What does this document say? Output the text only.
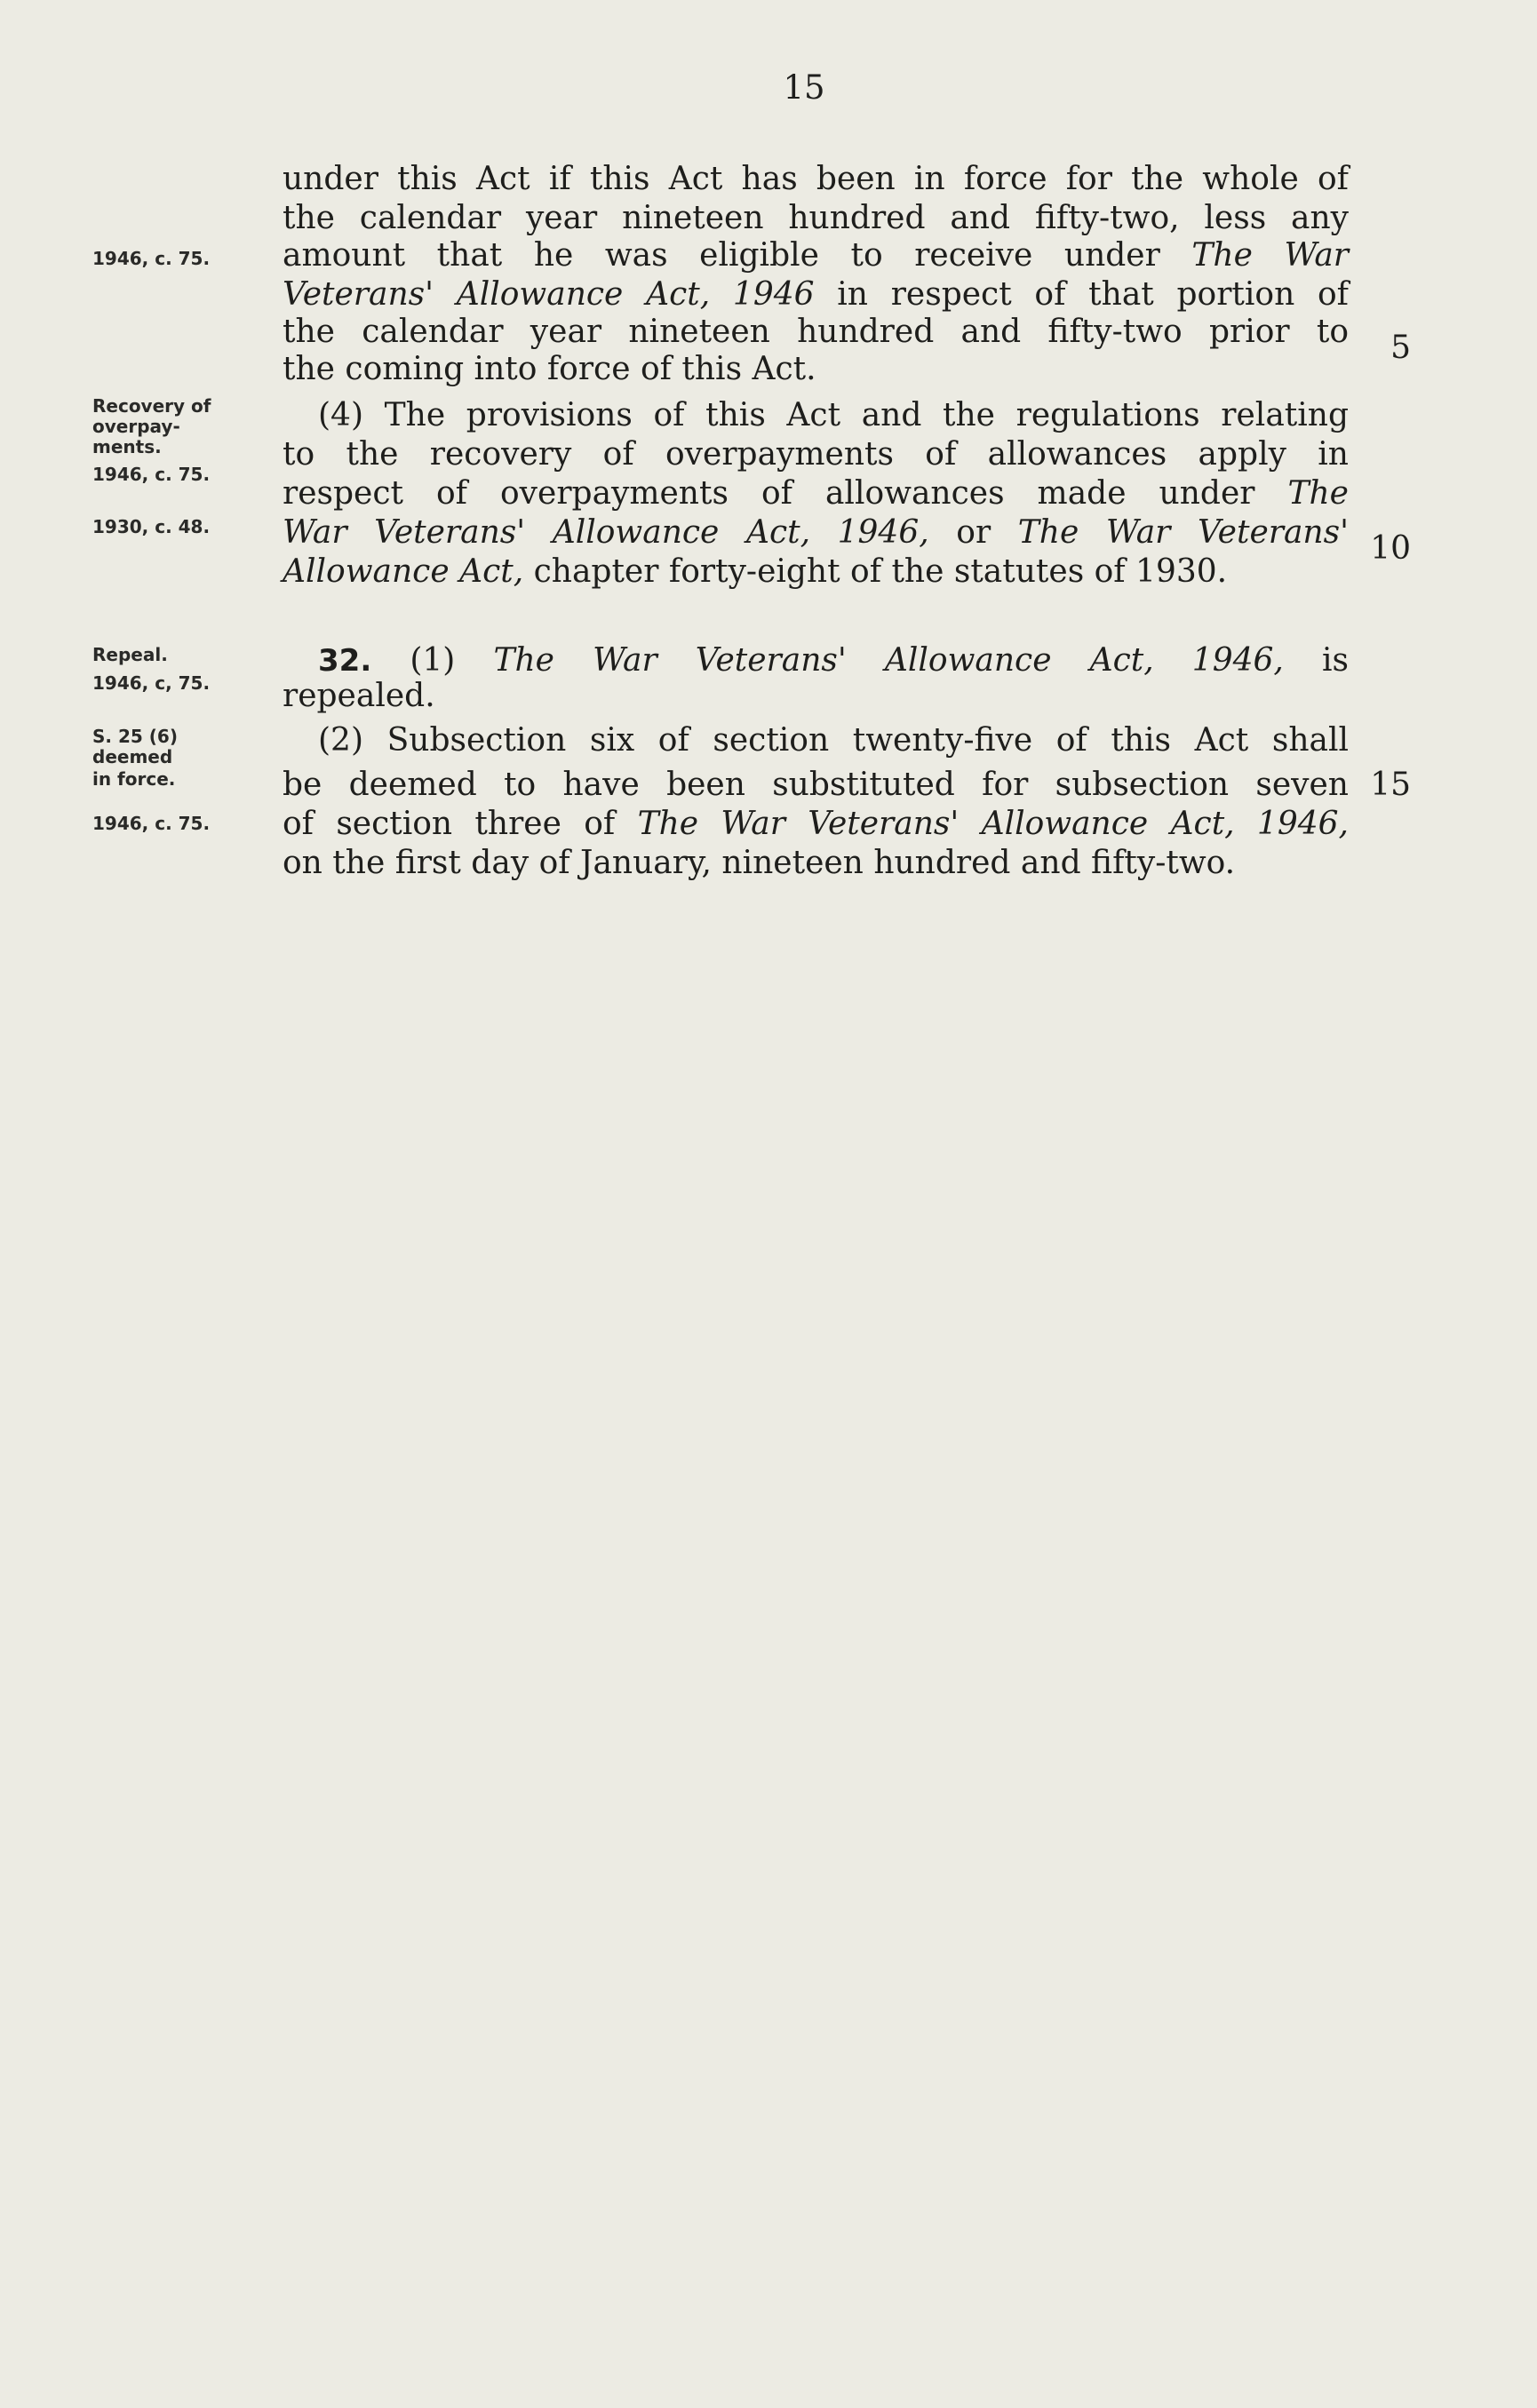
15
under this Act if this Act has been in force for the whole of
the calendar year nineteen hundred and fifty-two, less any
amount that he was eligible to receive under The War
Veterans' Allowance Act, 1946 in respect of that portion of
the calendar year nineteen hundred and fifty-two prior to
the coming into force of this Act.
(4) The provisions of this Act and the regulations relating
to the recovery of overpayments of allowances apply in
respect of overpayments of allowances made under The
War Veterans' Allowance Act, 1946, or The War Veterans'
Allowance Act, chapter forty-eight of the statutes of 1930.
32. (1) The War Veterans' Allowance Act, 1946, is
repealed.
(2) Subsection six of section twenty-five of this Act shall
be deemed to have been substituted for subsection seven
of section three of The War Veterans' Allowance Act, 1946,
on the first day of January, nineteen hundred and fifty-two.
1946, c. 75.
Recovery of
overpay-
ments.
1946, c. 75.
1930, c. 48.
Repeal.
1946, c, 75.
S. 25 (6)
deemed
in force.
1946, c. 75.
5
10
15
